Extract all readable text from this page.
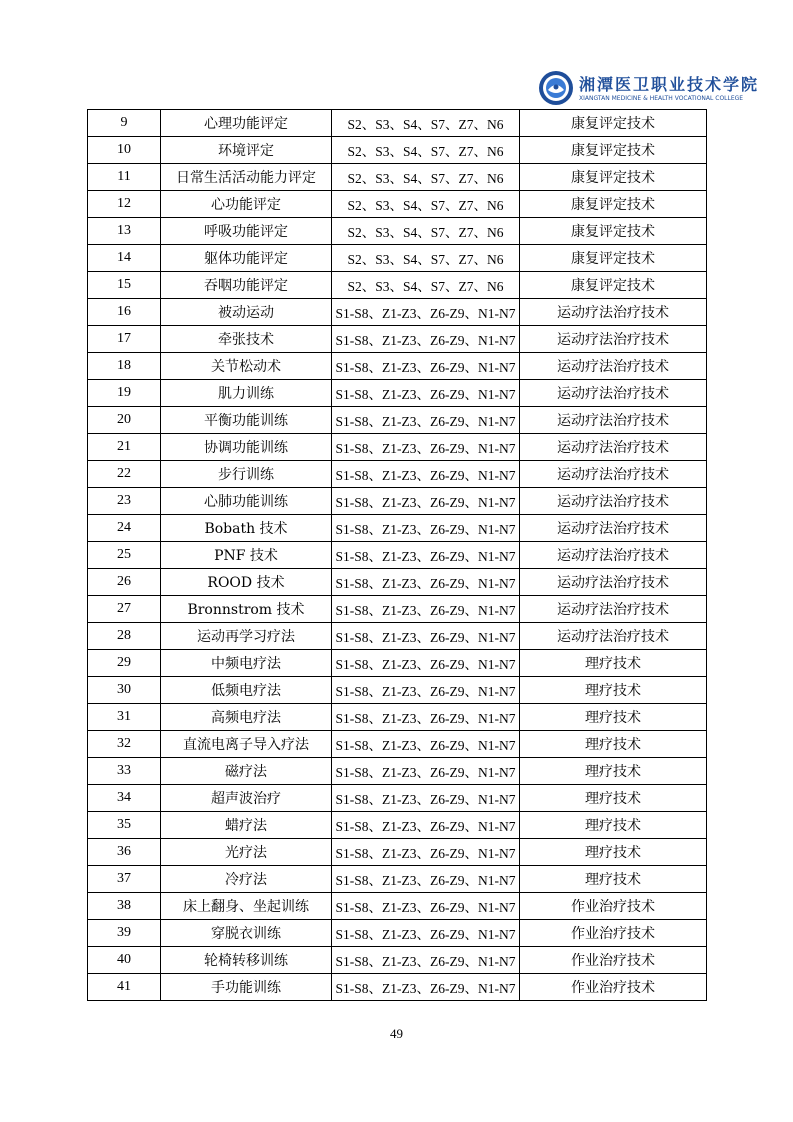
湘潭医卫职业技术学院
XIANGTAN MEDICINE & HEALTH VOCATIONAL COLLEGE
9	心理功能评定	S2、S3、S4、S7、Z7、N6	康复评定技术
10	环境评定	S2、S3、S4、S7、Z7、N6	康复评定技术
11	日常生活活动能力评定	S2、S3、S4、S7、Z7、N6	康复评定技术
12	心功能评定	S2、S3、S4、S7、Z7、N6	康复评定技术
13	呼吸功能评定	S2、S3、S4、S7、Z7、N6	康复评定技术
14	躯体功能评定	S2、S3、S4、S7、Z7、N6	康复评定技术
15	吞咽功能评定	S2、S3、S4、S7、Z7、N6	康复评定技术
16	被动运动	S1-S8、Z1-Z3、Z6-Z9、N1-N7	运动疗法治疗技术
17	牵张技术	S1-S8、Z1-Z3、Z6-Z9、N1-N7	运动疗法治疗技术
18	关节松动术	S1-S8、Z1-Z3、Z6-Z9、N1-N7	运动疗法治疗技术
19	肌力训练	S1-S8、Z1-Z3、Z6-Z9、N1-N7	运动疗法治疗技术
20	平衡功能训练	S1-S8、Z1-Z3、Z6-Z9、N1-N7	运动疗法治疗技术
21	协调功能训练	S1-S8、Z1-Z3、Z6-Z9、N1-N7	运动疗法治疗技术
22	步行训练	S1-S8、Z1-Z3、Z6-Z9、N1-N7	运动疗法治疗技术
23	心肺功能训练	S1-S8、Z1-Z3、Z6-Z9、N1-N7	运动疗法治疗技术
24	Bobath 技术	S1-S8、Z1-Z3、Z6-Z9、N1-N7	运动疗法治疗技术
25	PNF 技术	S1-S8、Z1-Z3、Z6-Z9、N1-N7	运动疗法治疗技术
26	ROOD 技术	S1-S8、Z1-Z3、Z6-Z9、N1-N7	运动疗法治疗技术
27	Bronnstrom 技术	S1-S8、Z1-Z3、Z6-Z9、N1-N7	运动疗法治疗技术
28	运动再学习疗法	S1-S8、Z1-Z3、Z6-Z9、N1-N7	运动疗法治疗技术
29	中频电疗法	S1-S8、Z1-Z3、Z6-Z9、N1-N7	理疗技术
30	低频电疗法	S1-S8、Z1-Z3、Z6-Z9、N1-N7	理疗技术
31	高频电疗法	S1-S8、Z1-Z3、Z6-Z9、N1-N7	理疗技术
32	直流电离子导入疗法	S1-S8、Z1-Z3、Z6-Z9、N1-N7	理疗技术
33	磁疗法	S1-S8、Z1-Z3、Z6-Z9、N1-N7	理疗技术
34	超声波治疗	S1-S8、Z1-Z3、Z6-Z9、N1-N7	理疗技术
35	蜡疗法	S1-S8、Z1-Z3、Z6-Z9、N1-N7	理疗技术
36	光疗法	S1-S8、Z1-Z3、Z6-Z9、N1-N7	理疗技术
37	冷疗法	S1-S8、Z1-Z3、Z6-Z9、N1-N7	理疗技术
38	床上翻身、坐起训练	S1-S8、Z1-Z3、Z6-Z9、N1-N7	作业治疗技术
39	穿脱衣训练	S1-S8、Z1-Z3、Z6-Z9、N1-N7	作业治疗技术
40	轮椅转移训练	S1-S8、Z1-Z3、Z6-Z9、N1-N7	作业治疗技术
41	手功能训练	S1-S8、Z1-Z3、Z6-Z9、N1-N7	作业治疗技术
49
